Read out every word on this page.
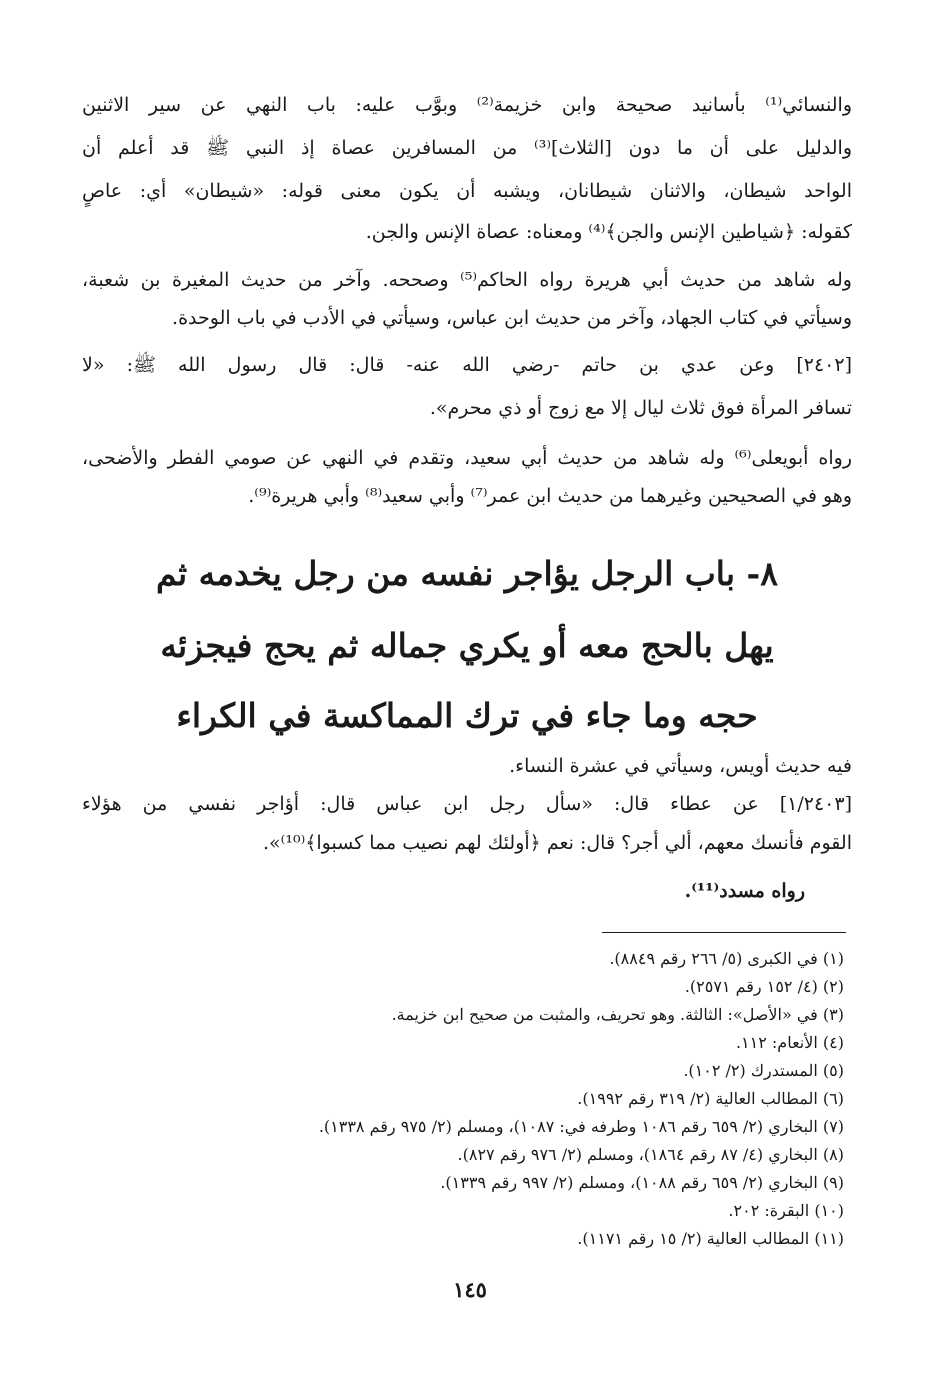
والنسائي⁽¹⁾ بأسانيد صحيحة وابن خزيمة⁽²⁾ وبوَّب عليه: باب النهي عن سير الاثنين
والدليل على أن ما دون [الثلاث]⁽³⁾ من المسافرين عصاة إذ النبي ﷺ قد أعلم أن
الواحد شيطان، والاثنان شيطانان، ويشبه أن يكون معنى قوله: «شيطان» أي: عاصٍ
كقوله: ﴿شياطين الإنس والجن﴾⁽⁴⁾ ومعناه: عصاة الإنس والجن.
وله شاهد من حديث أبي هريرة رواه الحاكم⁽⁵⁾ وصححه. وآخر من حديث المغيرة بن شعبة،
وسيأتي في كتاب الجهاد، وآخر من حديث ابن عباس، وسيأتي في الأدب في باب الوحدة.
[٢٤٠٢] وعن عدي بن حاتم -رضي الله عنه- قال: قال رسول الله ﷺ: «لا
تسافر المرأة فوق ثلاث ليال إلا مع زوج أو ذي محرم».
رواه أبويعلى⁽⁶⁾ وله شاهد من حديث أبي سعيد، وتقدم في النهي عن صومي الفطر والأضحى،
وهو في الصحيحين وغيرهما من حديث ابن عمر⁽⁷⁾ وأبي سعيد⁽⁸⁾ وأبي هريرة⁽⁹⁾.
٨- باب الرجل يؤاجر نفسه من رجل يخدمه ثم
يهل بالحج معه أو يكري جماله ثم يحج فيجزئه
حجه وما جاء في ترك المماكسة في الكراء
فيه حديث أويس، وسيأتي في عشرة النساء.
[١/٢٤٠٣] عن عطاء قال: «سأل رجل ابن عباس قال: أؤاجر نفسي من هؤلاء
القوم فأنسك معهم، ألي أجر؟ قال: نعم ﴿أولئك لهم نصيب مما كسبوا﴾⁽¹⁰⁾».
رواه مسدد⁽¹¹⁾.
(١) في الكبرى (٥/ ٢٦٦ رقم ٨٨٤٩).
(٢) (٤/ ١٥٢ رقم ٢٥٧١).
(٣) في «الأصل»: الثالثة. وهو تحريف، والمثبت من صحيح ابن خزيمة.
(٤) الأنعام: ١١٢.
(٥) المستدرك (٢/ ١٠٢).
(٦) المطالب العالية (٢/ ٣١٩ رقم ١٩٩٢).
(٧) البخاري (٢/ ٦٥٩ رقم ١٠٨٦ وطرفه في: ١٠٨٧)، ومسلم (٢/ ٩٧٥ رقم ١٣٣٨).
(٨) البخاري (٤/ ٨٧ رقم ١٨٦٤)، ومسلم (٢/ ٩٧٦ رقم ٨٢٧).
(٩) البخاري (٢/ ٦٥٩ رقم ١٠٨٨)، ومسلم (٢/ ٩٩٧ رقم ١٣٣٩).
(١٠) البقرة: ٢٠٢.
(١١) المطالب العالية (٢/ ١٥ رقم ١١٧١).
١٤٥
